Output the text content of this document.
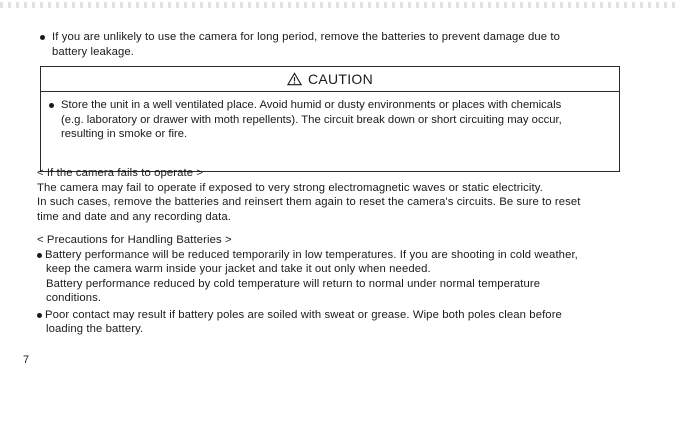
If you are unlikely to use the camera for long period, remove the batteries to prevent damage due to
battery leakage.
CAUTION
Store the unit in a well ventilated place. Avoid humid or dusty environments or places with chemicals
(e.g. laboratory or drawer with moth repellents). The circuit break down or short circuiting may occur,
resulting in smoke or fire.
< If the camera fails to operate >
The camera may fail to operate if exposed to very strong electromagnetic waves or static electricity.
In such cases, remove the batteries and reinsert them again to reset the camera's circuits. Be sure to reset
time and date and any recording data.
< Precautions for Handling Batteries >
Battery performance will be reduced temporarily in low temperatures. If you are shooting in cold weather,
keep the camera warm inside your jacket and take it out only when needed.
Battery performance reduced by cold temperature will return to normal under normal temperature
conditions.
Poor contact may result if battery poles are soiled with sweat or grease. Wipe both poles clean before
loading the battery.
7
